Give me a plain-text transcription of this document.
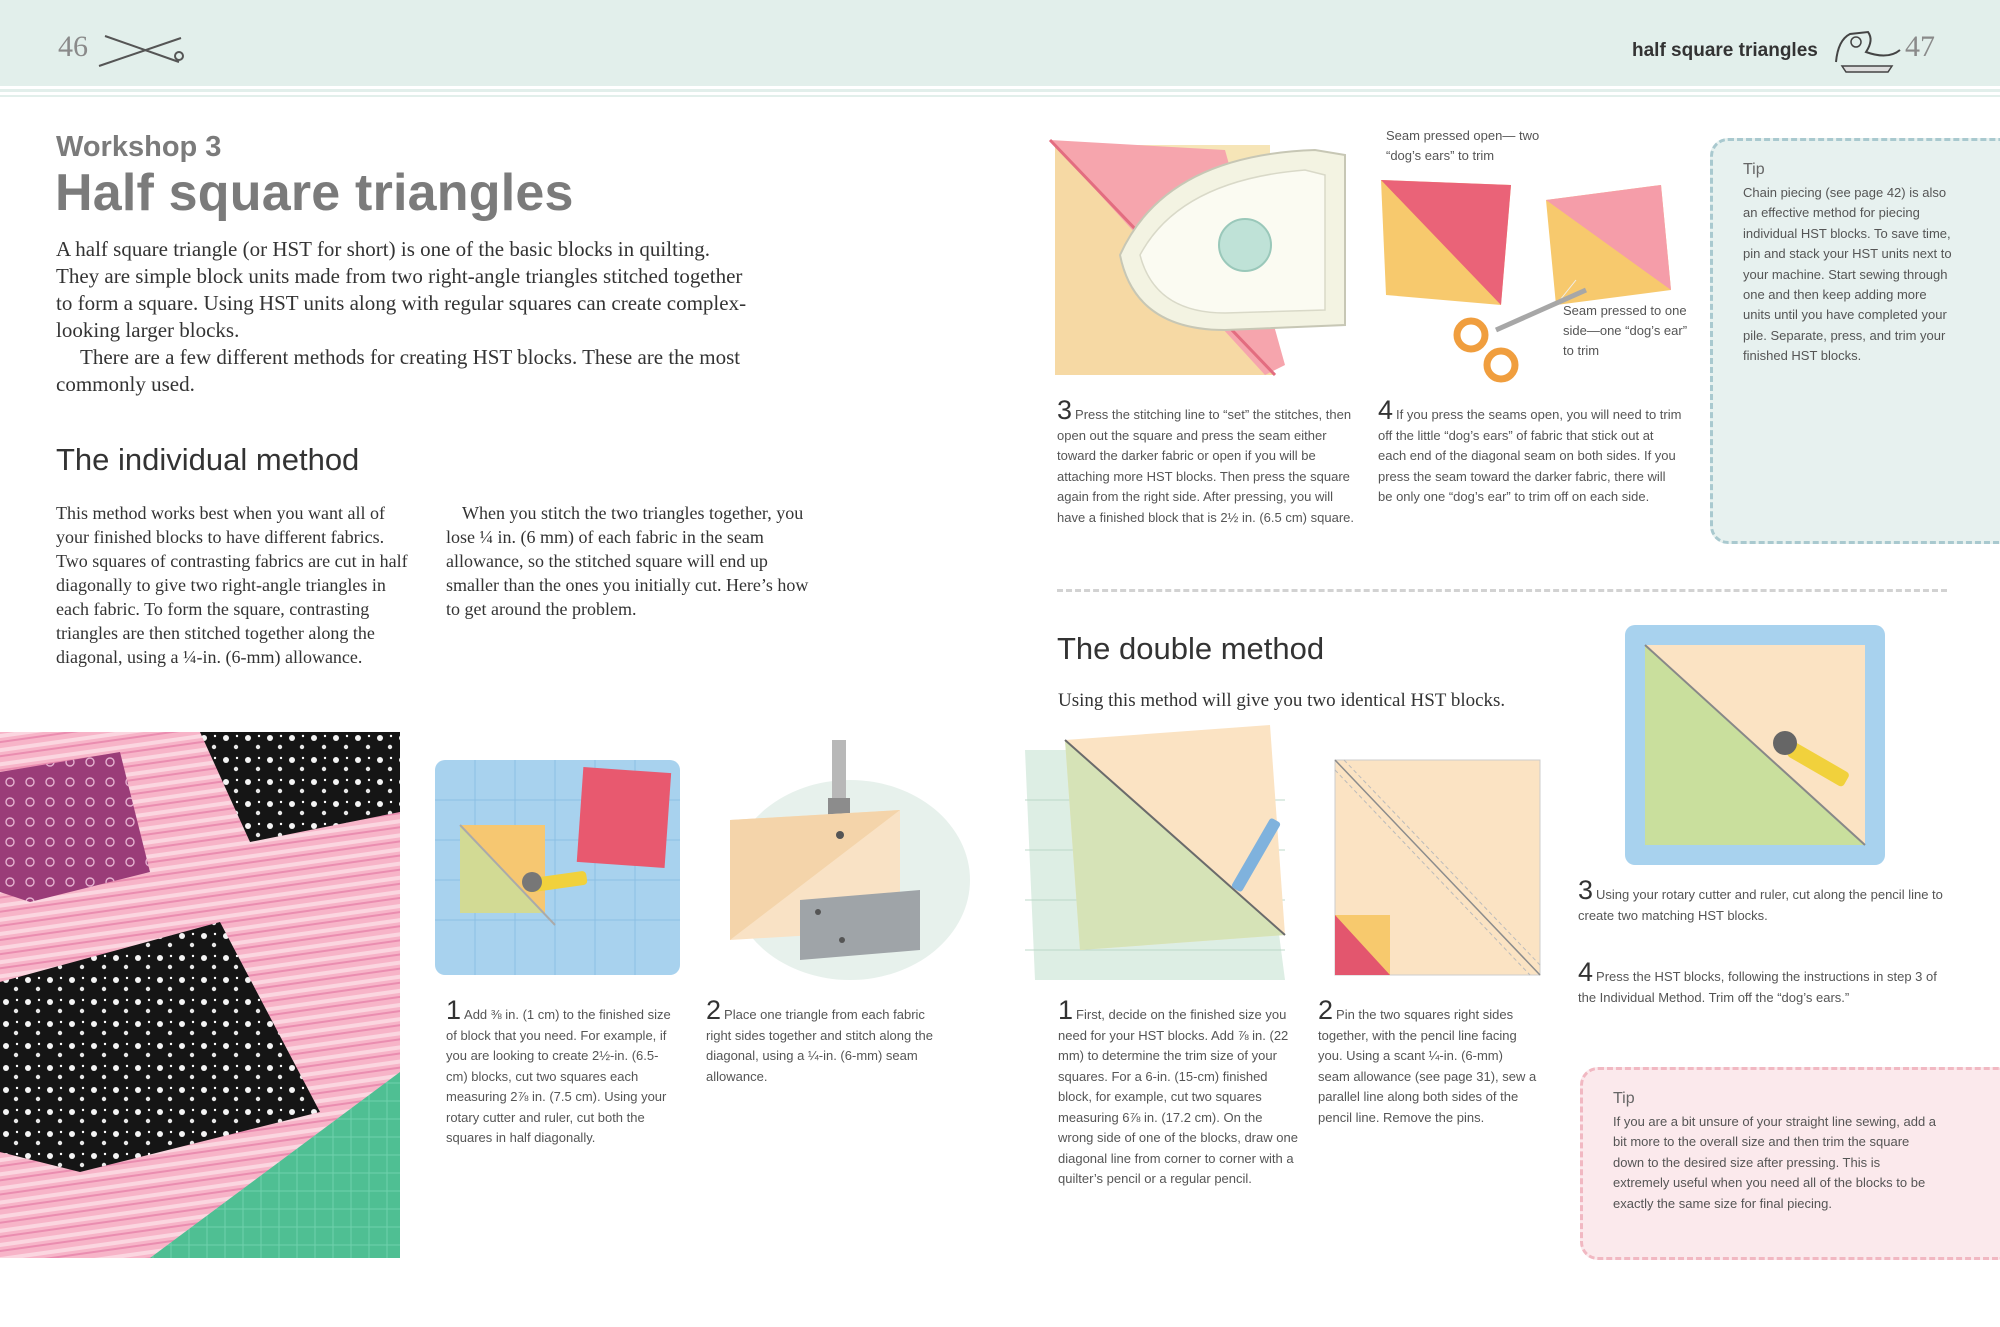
46	half square triangles	47
Workshop 3
Half square triangles
A half square triangle (or HST for short) is one of the basic blocks in quilting. They are simple block units made from two right-angle triangles stitched together to form a square. Using HST units along with regular squares can create complex-looking larger blocks.
There are a few different methods for creating HST blocks. These are the most commonly used.
The individual method
This method works best when you want all of your finished blocks to have different fabrics. Two squares of contrasting fabrics are cut in half diagonally to give two right-angle triangles in each fabric. To form the square, contrasting triangles are then stitched together along the diagonal, using a ¼-in. (6-mm) allowance.
When you stitch the two triangles together, you lose ¼ in. (6 mm) of each fabric in the seam allowance, so the stitched square will end up smaller than the ones you initially cut. Here’s how to get around the problem.
1 Add ⅜ in. (1 cm) to the finished size of block that you need. For example, if you are looking to create 2½-in. (6.5-cm) blocks, cut two squares each measuring 2⅞ in. (7.5 cm). Using your rotary cutter and ruler, cut both the squares in half diagonally.
2 Place one triangle from each fabric right sides together and stitch along the diagonal, using a ¼-in. (6-mm) seam allowance.
Seam pressed open— two “dog’s ears” to trim
Seam pressed to one side—one “dog’s ear” to trim
3 Press the stitching line to “set” the stitches, then open out the square and press the seam either toward the darker fabric or open if you will be attaching more HST blocks. Then press the square again from the right side. After pressing, you will have a finished block that is 2½ in. (6.5 cm) square.
4 If you press the seams open, you will need to trim off the little “dog’s ears” of fabric that stick out at each end of the diagonal seam on both sides. If you press the seam toward the darker fabric, there will be only one “dog’s ear” to trim off on each side.
Tip
Chain piecing (see page 42) is also an effective method for piecing individual HST blocks. To save time, pin and stack your HST units next to your machine. Start sewing through one and then keep adding more units until you have completed your pile. Separate, press, and trim your finished HST blocks.
The double method
Using this method will give you two identical HST blocks.
1 First, decide on the finished size you need for your HST blocks. Add ⅞ in. (22 mm) to determine the trim size of your squares. For a 6-in. (15-cm) finished block, for example, cut two squares measuring 6⅞ in. (17.2 cm). On the wrong side of one of the blocks, draw one diagonal line from corner to corner with a quilter’s pencil or a regular pencil.
2 Pin the two squares right sides together, with the pencil line facing you. Using a scant ¼-in. (6-mm) seam allowance (see page 31), sew a parallel line along both sides of the pencil line. Remove the pins.
3 Using your rotary cutter and ruler, cut along the pencil line to create two matching HST blocks.
4 Press the HST blocks, following the instructions in step 3 of the Individual Method. Trim off the “dog’s ears.”
Tip
If you are a bit unsure of your straight line sewing, add a bit more to the overall size and then trim the square down to the desired size after pressing. This is extremely useful when you need all of the blocks to be exactly the same size for final piecing.
